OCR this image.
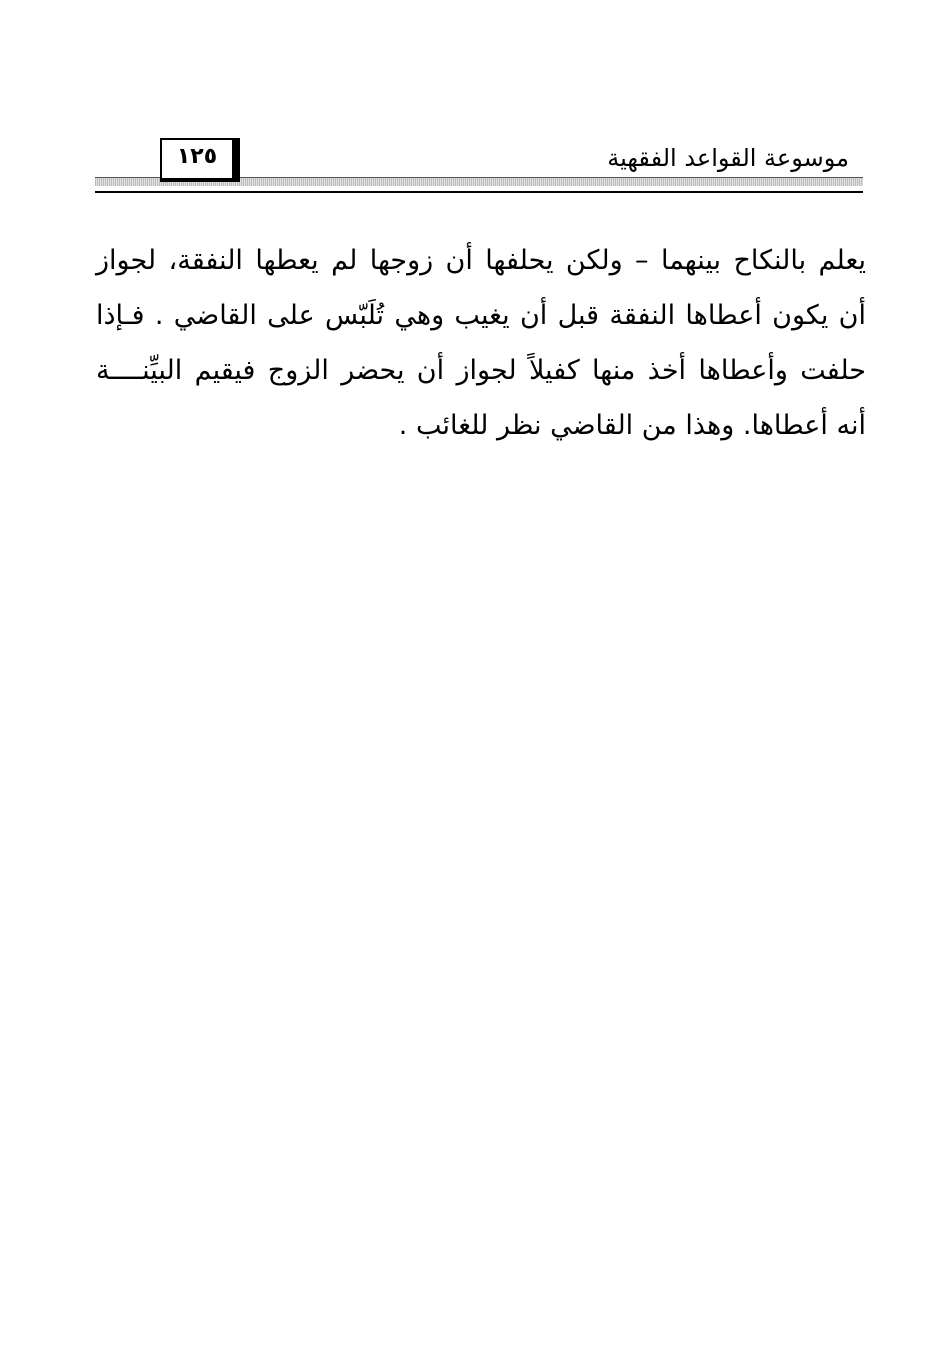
موسوعة القواعد الفقهية
١٢٥
يعلم بالنكاح بينهما – ولكن يحلفها أن زوجها لم يعطها النفقة، لجواز
أن يكون أعطاها النفقة قبل أن يغيب وهي تُلَبّس على القاضي . فـإذا
حلفت وأعطاها أخذ منها كفيلاً لجواز أن يحضر الزوج فيقيم البيِّنــــة
أنه أعطاها. وهذا من القاضي نظر للغائب .
